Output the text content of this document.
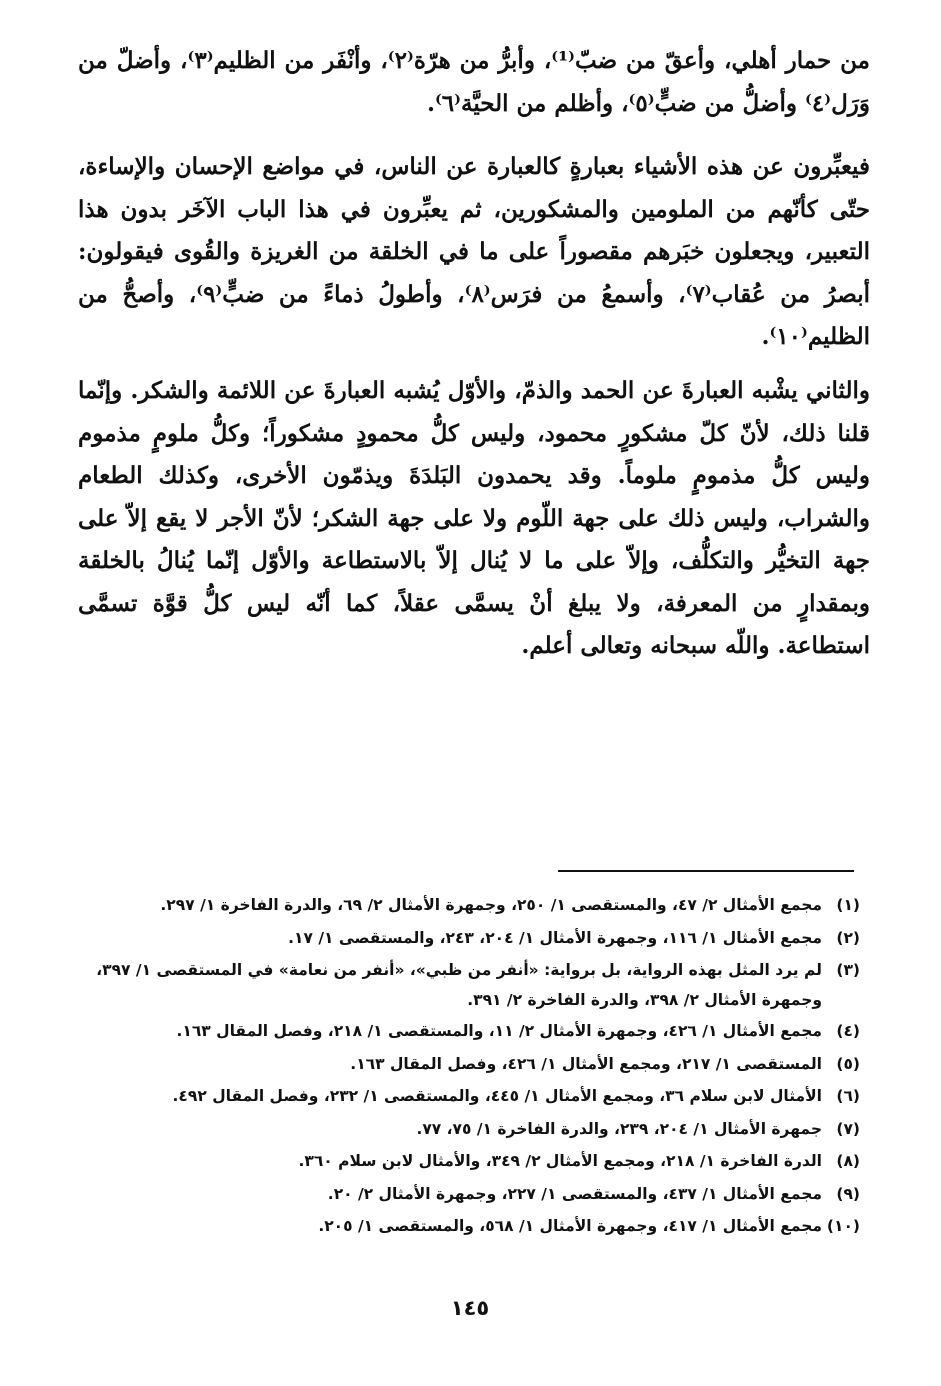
من حمار أهلي، وأعقّ من ضبّ⁽¹⁾، وأبرُّ من هرّة⁽٢⁾، وأنْفَر من الظليم⁽٣⁾، وأضلّ من وَرَل⁽٤⁾ وأضلُّ من ضبٍّ⁽٥⁾، وأظلم من الحيَّة⁽٦⁾.

فيعبِّرون عن هذه الأشياء بعبارةٍ كالعبارة عن الناس، في مواضع الإحسان والإساءة، حتّى كأنّهم من الملومين والمشكورين، ثم يعبِّرون في هذا الباب الآخَر بدون هذا التعبير، ويجعلون خبَرهم مقصوراً على ما في الخلقة من الغريزة والقُوى فيقولون: أبصرُ من عُقاب⁽٧⁾، وأسمعُ من فرَس⁽٨⁾، وأطولُ ذماءً من ضبٍّ⁽٩⁾، وأصحُّ من الظليم⁽١٠⁾.

والثاني يشْبه العبارةَ عن الحمد والذمّ، والأوّل يُشبه العبارةَ عن اللائمة والشكر. وإنّما قلنا ذلك، لأنّ كلّ مشكورٍ محمود، وليس كلُّ محمودٍ مشكوراً؛ وكلُّ ملومٍ مذموم وليس كلُّ مذمومٍ ملوماً. وقد يحمدون البَلدَةَ ويذمّون الأخرى، وكذلك الطعام والشراب، وليس ذلك على جهة اللّوم ولا على جهة الشكر؛ لأنّ الأجر لا يقع إلاّ على جهة التخيُّر والتكلُّف، وإلاّ على ما لا يُنال إلاّ بالاستطاعة والأوّل إنّما يُنالُ بالخلقة وبمقدارٍ من المعرفة، ولا يبلغ أنْ يسمَّى عقلاً، كما أنّه ليس كلُّ قوَّة تسمَّى استطاعة. واللّه سبحانه وتعالى أعلم.

(١)
مجمع الأمثال ٢/ ٤٧، والمستقصى ١/ ٢٥٠، وجمهرة الأمثال ٢/ ٦٩، والدرة الفاخرة ١/ ٢٩٧.
(٢)
مجمع الأمثال ١/ ١١٦، وجمهرة الأمثال ١/ ٢٠٤، ٢٤٣، والمستقصى ١/ ١٧.
(٣)
لم يرد المثل بهذه الرواية، بل برواية: «أنفر من ظبي»، «أنفر من نعامة» في المستقصى ١/ ٣٩٧، وجمهرة الأمثال ٢/ ٣٩٨، والدرة الفاخرة ٢/ ٣٩١.
(٤)
مجمع الأمثال ١/ ٤٢٦، وجمهرة الأمثال ٢/ ١١، والمستقصى ١/ ٢١٨، وفصل المقال ١٦٣.
(٥)
المستقصى ١/ ٢١٧، ومجمع الأمثال ١/ ٤٢٦، وفصل المقال ١٦٣.
(٦)
الأمثال لابن سلام ٣٦، ومجمع الأمثال ١/ ٤٤٥، والمستقصى ١/ ٢٣٢، وفصل المقال ٤٩٢.
(٧)
جمهرة الأمثال ١/ ٢٠٤، ٢٣٩، والدرة الفاخرة ١/ ٧٥، ٧٧.
(٨)
الدرة الفاخرة ١/ ٢١٨، ومجمع الأمثال ٢/ ٣٤٩، والأمثال لابن سلام ٣٦٠.
(٩)
مجمع الأمثال ١/ ٤٣٧، والمستقصى ١/ ٢٢٧، وجمهرة الأمثال ٢/ ٢٠.
(١٠)
مجمع الأمثال ١/ ٤١٧، وجمهرة الأمثال ١/ ٥٦٨، والمستقصى ١/ ٢٠٥.
١٤٥
